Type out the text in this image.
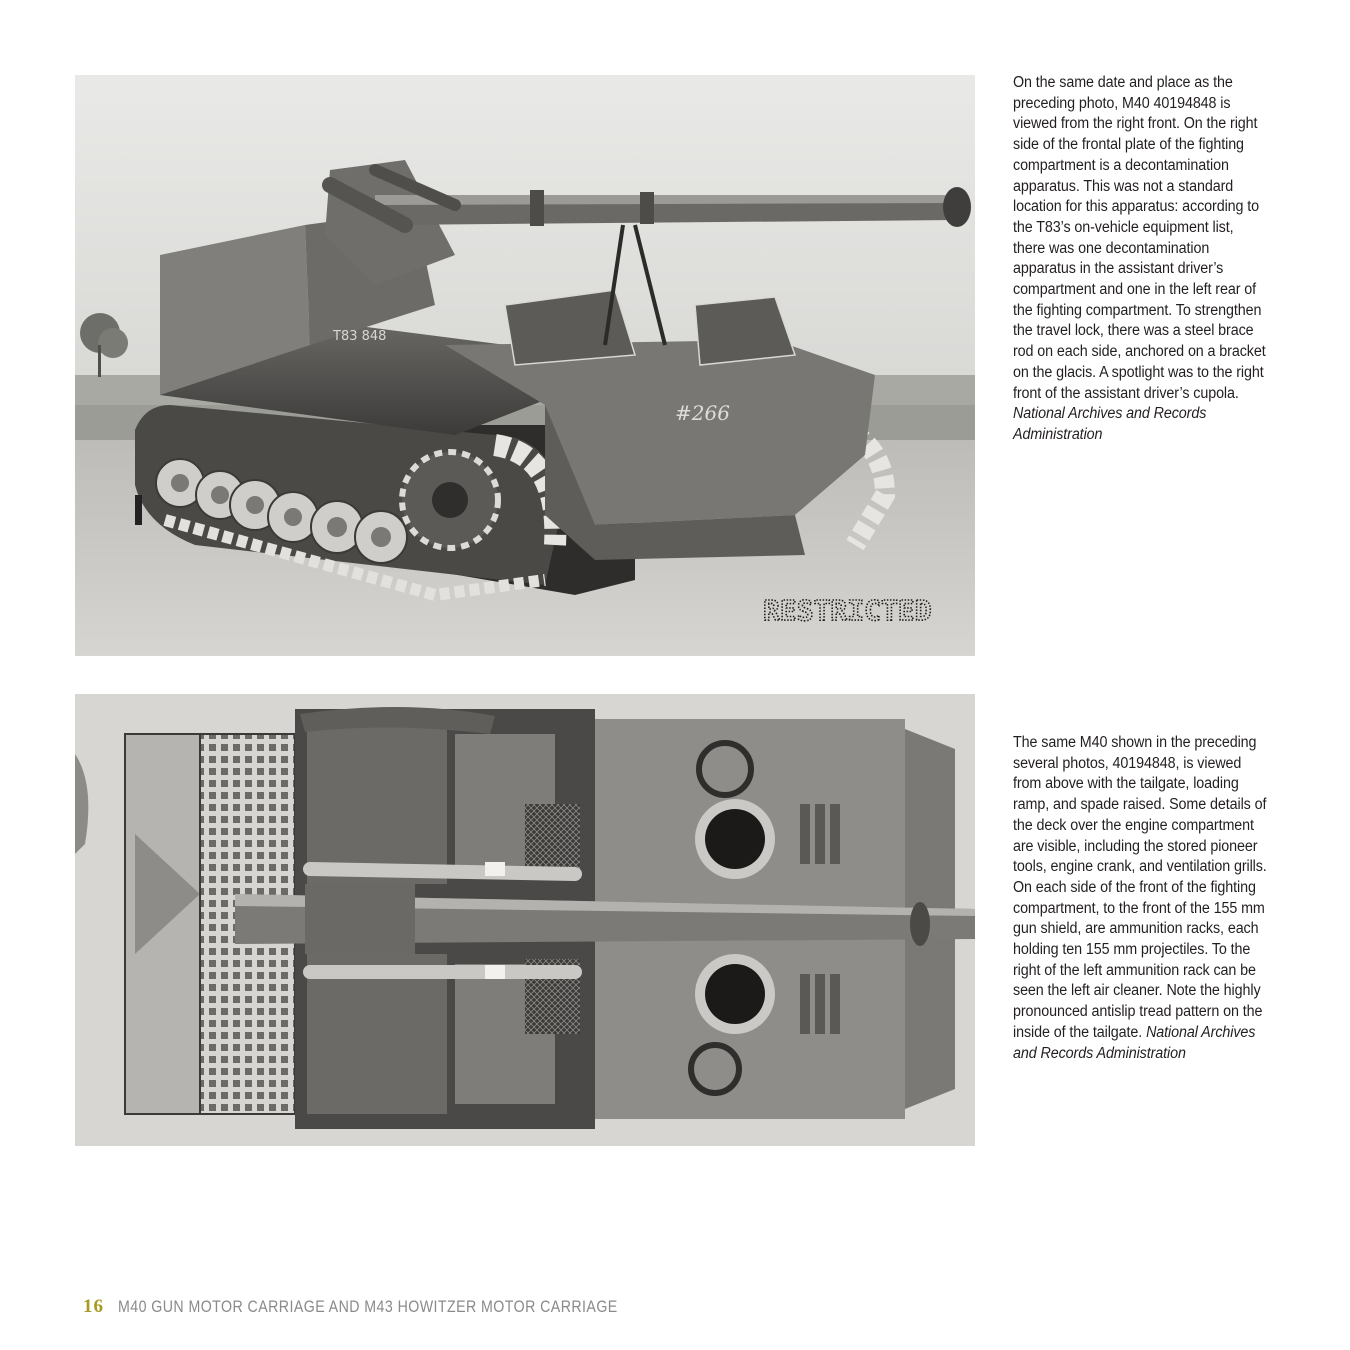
T83 848
#266
RESTRICTED
On the same date and place as the preceding photo, M40 40194848 is viewed from the right front. On the right side of the frontal plate of the fighting compartment is a decontamination apparatus. This was not a standard location for this apparatus: according to the T83’s on-vehicle equipment list, there was one decontamination apparatus in the assistant driver’s compartment and one in the left rear of the fighting compartment. To strengthen the travel lock, there was a steel brace rod on each side, anchored on a bracket on the glacis. A spotlight was to the right front of the assistant driver’s cupola. National Archives and Records Administration
The same M40 shown in the preceding several photos, 40194848, is viewed from above with the tailgate, loading ramp, and spade raised. Some details of the deck over the engine compartment are visible, including the stored pioneer tools, engine crank, and ventilation grills. On each side of the front of the fighting compartment, to the front of the 155 mm gun shield, are ammunition racks, each holding ten 155 mm projectiles. To the right of the left ammunition rack can be seen the left air cleaner. Note the highly pronounced antislip tread pattern on the inside of the tailgate. National Archives and Records Administration
16 M40 GUN MOTOR CARRIAGE AND M43 HOWITZER MOTOR CARRIAGE
